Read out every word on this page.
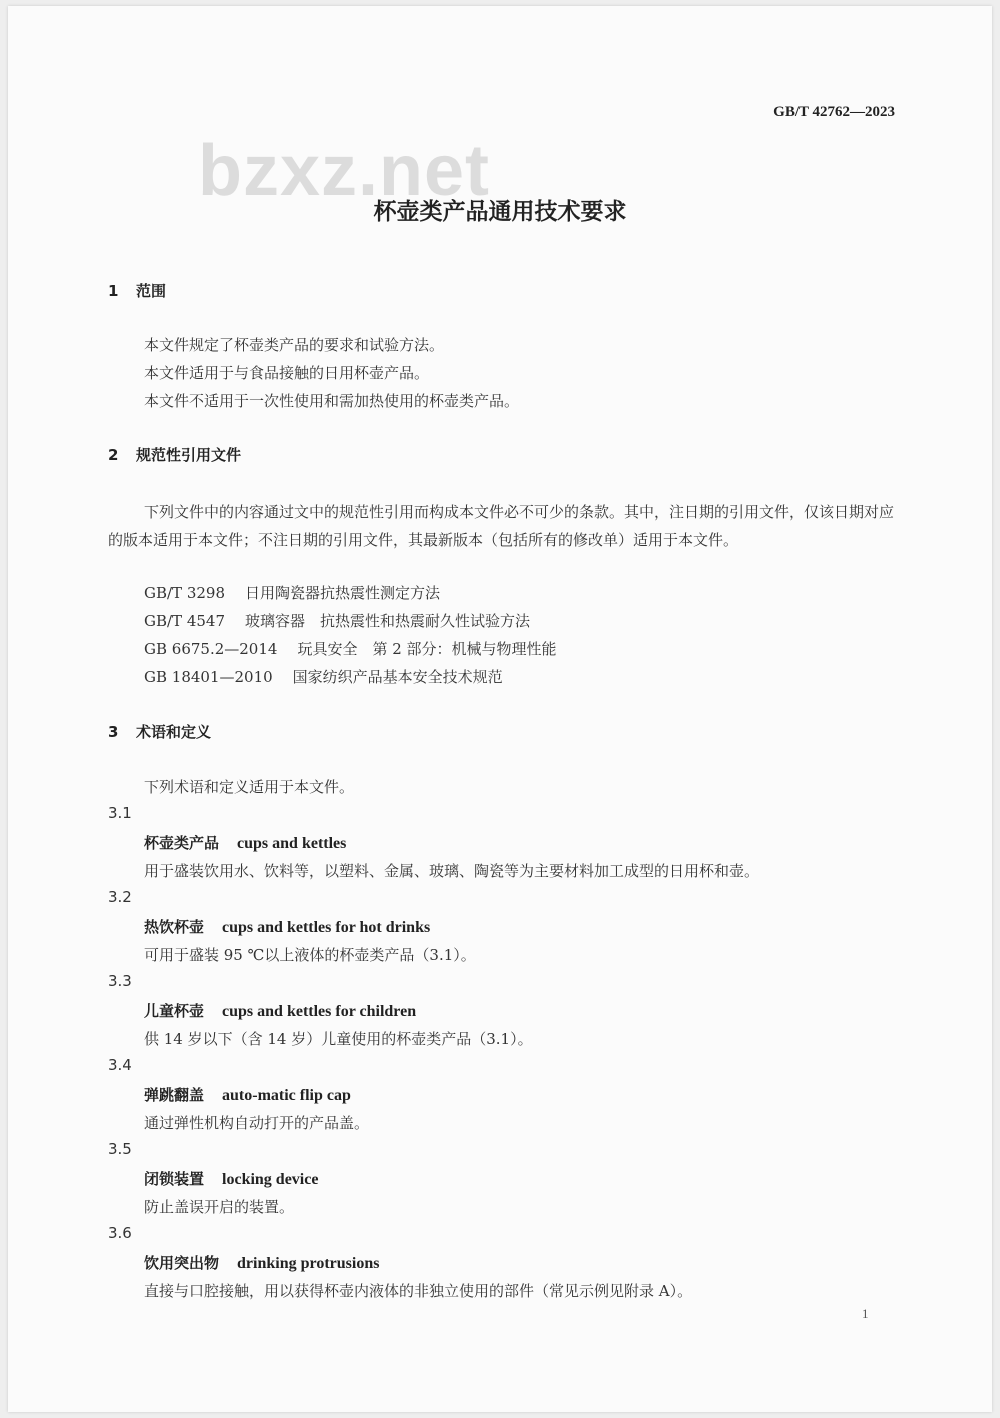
GB/T 42762—2023
bzxz.net
杯壶类产品通用技术要求
1 范围
本文件规定了杯壶类产品的要求和试验方法。
本文件适用于与食品接触的日用杯壶产品。
本文件不适用于一次性使用和需加热使用的杯壶类产品。
2 规范性引用文件
下列文件中的内容通过文中的规范性引用而构成本文件必不可少的条款。其中，注日期的引用文件，仅该日期对应的版本适用于本文件；不注日期的引用文件，其最新版本（包括所有的修改单）适用于本文件。
GB/T 3298 日用陶瓷器抗热震性测定方法
GB/T 4547 玻璃容器　抗热震性和热震耐久性试验方法
GB 6675.2—2014 玩具安全　第 2 部分：机械与物理性能
GB 18401—2010 国家纺织产品基本安全技术规范
3 术语和定义
下列术语和定义适用于本文件。
3.1
杯壶类产品 cups and kettles
用于盛装饮用水、饮料等，以塑料、金属、玻璃、陶瓷等为主要材料加工成型的日用杯和壶。
3.2
热饮杯壶 cups and kettles for hot drinks
可用于盛装 95 ℃以上液体的杯壶类产品（3.1）。
3.3
儿童杯壶 cups and kettles for children
供 14 岁以下（含 14 岁）儿童使用的杯壶类产品（3.1）。
3.4
弹跳翻盖 auto-matic flip cap
通过弹性机构自动打开的产品盖。
3.5
闭锁装置 locking device
防止盖误开启的装置。
3.6
饮用突出物 drinking protrusions
直接与口腔接触，用以获得杯壶内液体的非独立使用的部件（常见示例见附录 A）。
1
